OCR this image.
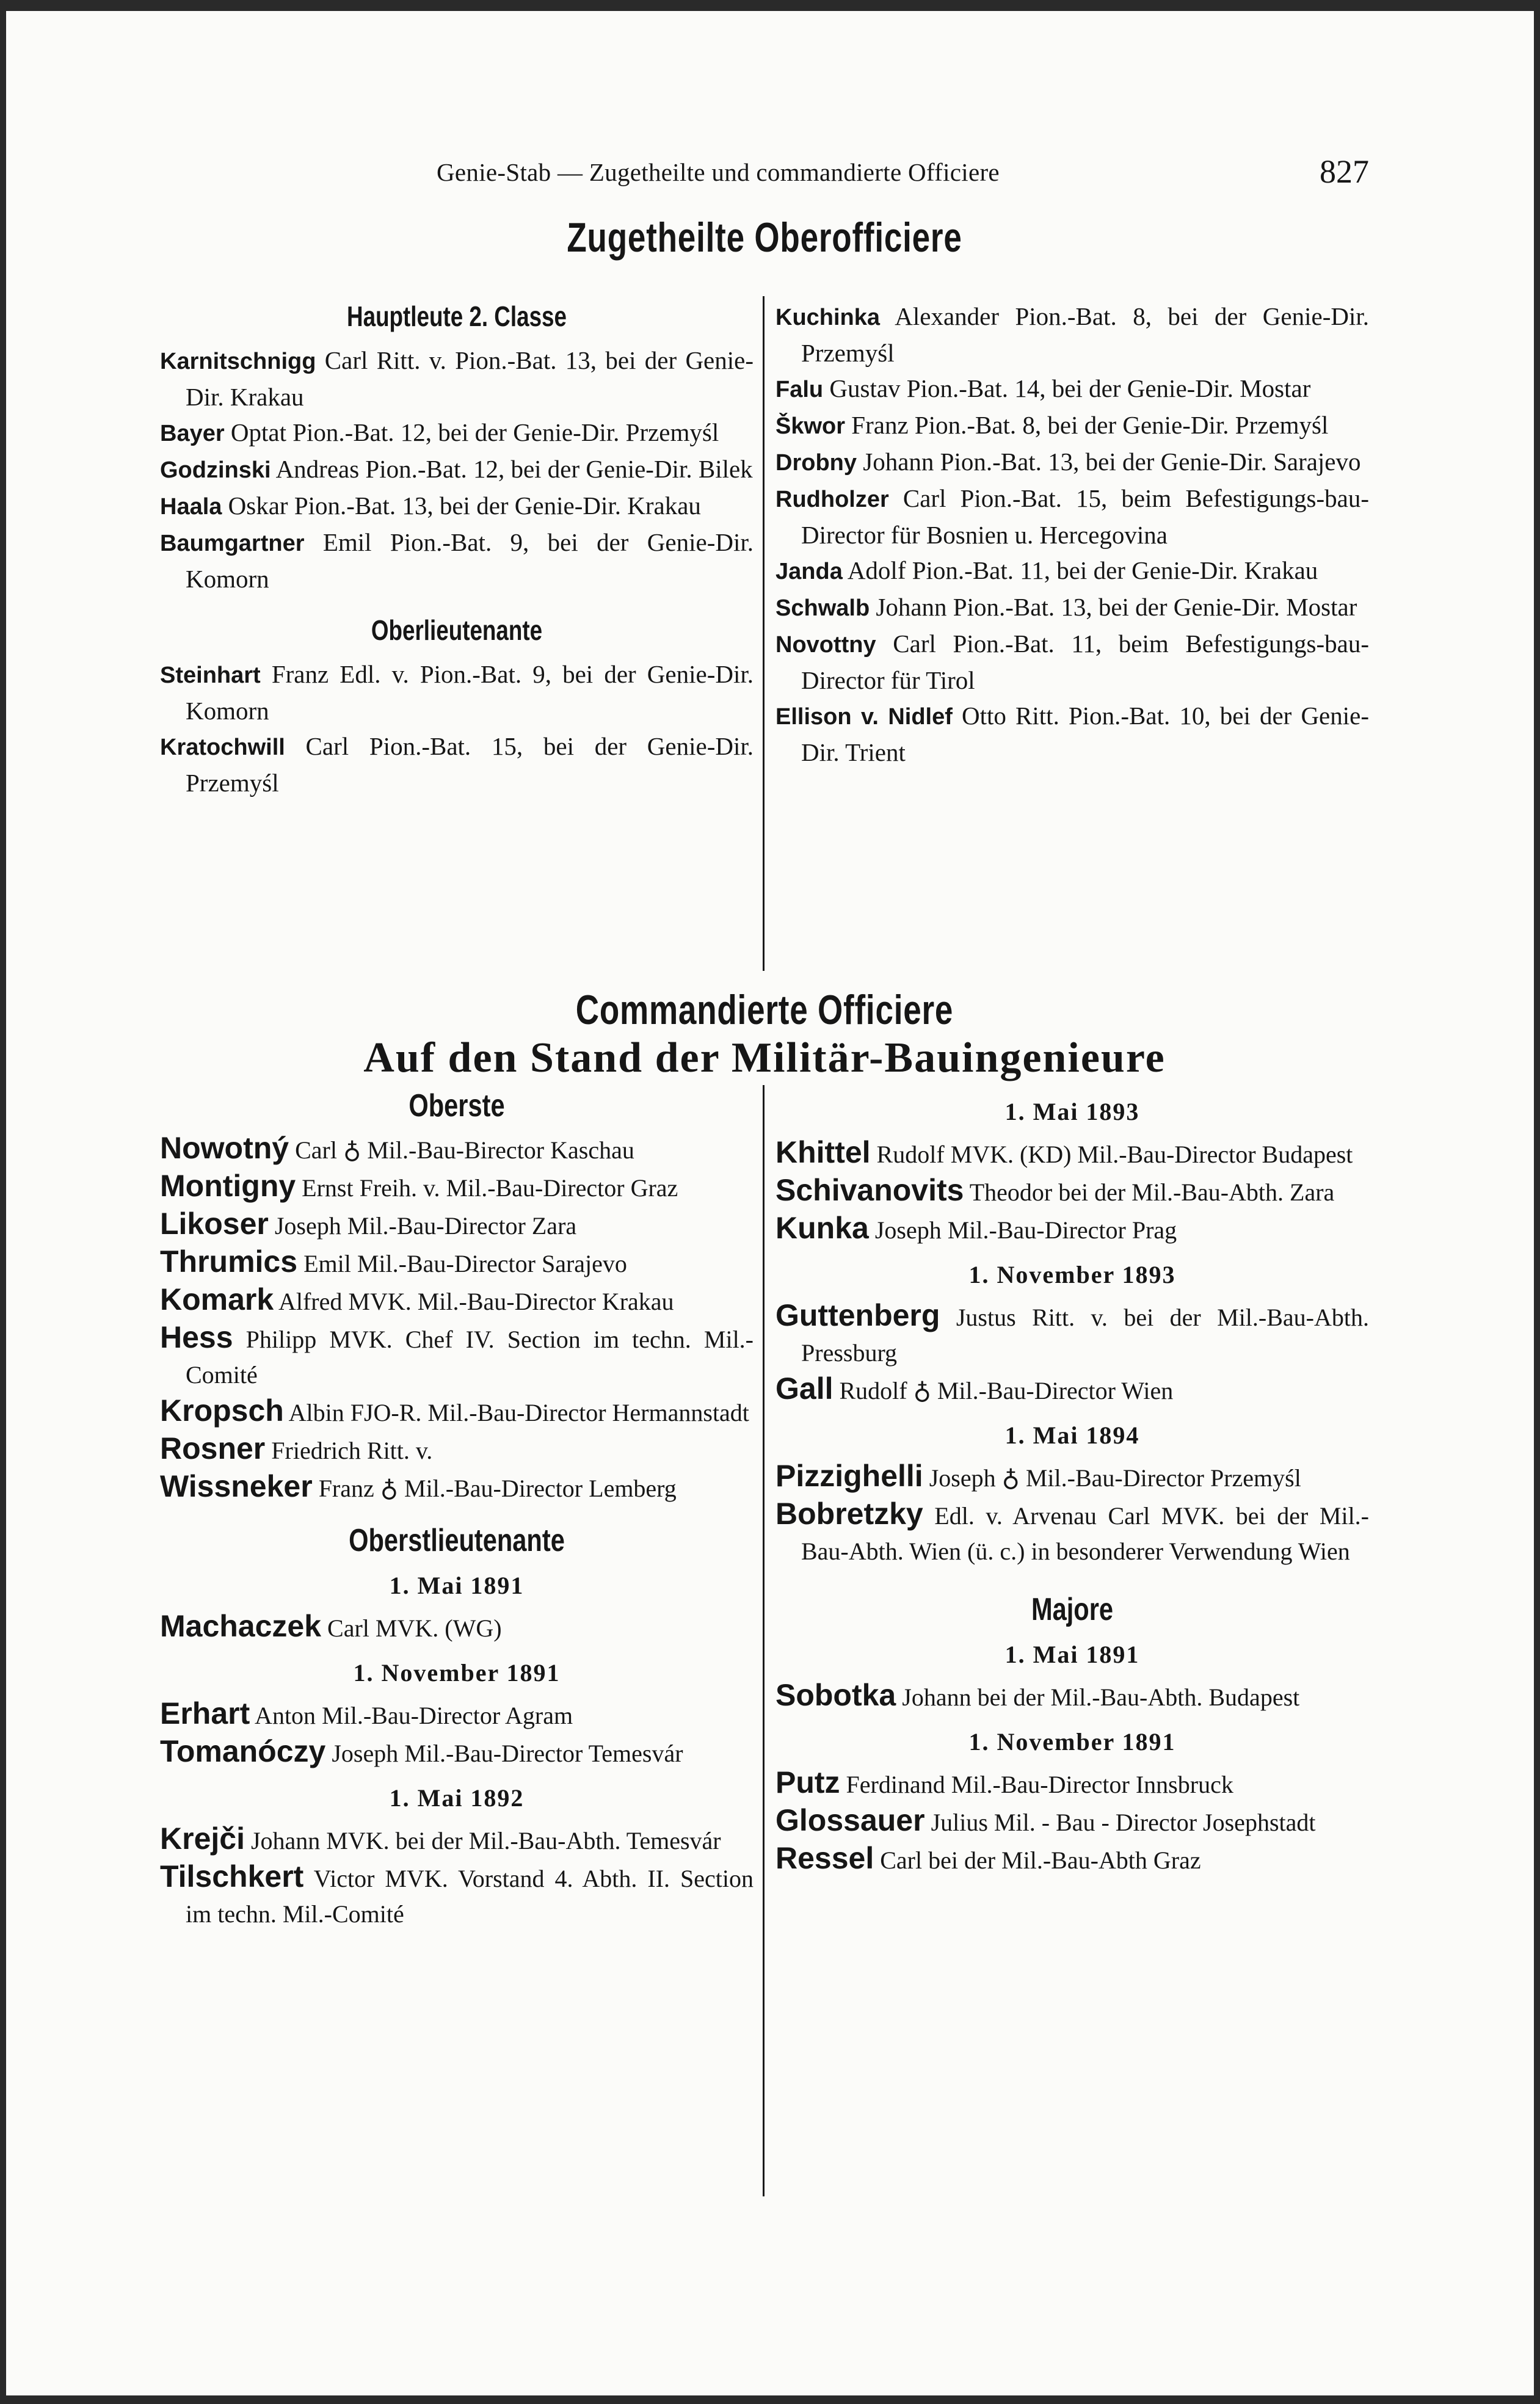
Genie-Stab — Zugetheilte und commandierte Officiere	827
Zugetheilte Oberofficiere
Hauptleute 2. Classe

Karnitschnigg Carl Ritt. v. Pion.-Bat. 13, bei der Genie-Dir. Krakau

Bayer Optat Pion.-Bat. 12, bei der Genie-Dir. Przemyśl

Godzinski Andreas Pion.-Bat. 12, bei der Genie-Dir. Bilek

Haala Oskar Pion.-Bat. 13, bei der Genie-Dir. Krakau

Baumgartner Emil Pion.-Bat. 9, bei der Genie-Dir. Komorn

Oberlieutenante

Steinhart Franz Edl. v. Pion.-Bat. 9, bei der Genie-Dir. Komorn

Kratochwill Carl Pion.-Bat. 15, bei der Genie-Dir. Przemyśl

Kuchinka Alexander Pion.-Bat. 8, bei der Genie-Dir. Przemyśl

Falu Gustav Pion.-Bat. 14, bei der Genie-Dir. Mostar

Škwor Franz Pion.-Bat. 8, bei der Genie-Dir. Przemyśl

Drobny Johann Pion.-Bat. 13, bei der Genie-Dir. Sarajevo

Rudholzer Carl Pion.-Bat. 15, beim Befestigungs-bau-Director für Bosnien u. Hercegovina

Janda Adolf Pion.-Bat. 11, bei der Genie-Dir. Krakau

Schwalb Johann Pion.-Bat. 13, bei der Genie-Dir. Mostar

Novottny Carl Pion.-Bat. 11, beim Befestigungs-bau-Director für Tirol

Ellison v. Nidlef Otto Ritt. Pion.-Bat. 10, bei der Genie-Dir. Trient

Commandierte Officiere
Auf den Stand der Militär-Bauingenieure
Oberste

Nowotný Carl ♁ Mil.-Bau-Birector Kaschau

Montigny Ernst Freih. v. Mil.-Bau-Director Graz

Likoser Joseph Mil.-Bau-Director Zara

Thrumics Emil Mil.-Bau-Director Sarajevo

Komark Alfred MVK. Mil.-Bau-Director Krakau

Hess Philipp MVK. Chef IV. Section im techn. Mil.-Comité

Kropsch Albin FJO-R. Mil.-Bau-Director Hermannstadt

Rosner Friedrich Ritt. v.

Wissneker Franz ♁ Mil.-Bau-Director Lemberg

Oberstlieutenante
1. Mai 1891

Machaczek Carl MVK. (WG)

1. November 1891

Erhart Anton Mil.-Bau-Director Agram

Tomanóczy Joseph Mil.-Bau-Director Temesvár

1. Mai 1892

Krejči Johann MVK. bei der Mil.-Bau-Abth. Temesvár

Tilschkert Victor MVK. Vorstand 4. Abth. II. Section im techn. Mil.-Comité

1. Mai 1893

Khittel Rudolf MVK. (KD) Mil.-Bau-Director Budapest

Schivanovits Theodor bei der Mil.-Bau-Abth. Zara

Kunka Joseph Mil.-Bau-Director Prag

1. November 1893

Guttenberg Justus Ritt. v. bei der Mil.-Bau-Abth. Pressburg

Gall Rudolf ♁ Mil.-Bau-Director Wien

1. Mai 1894

Pizzighelli Joseph ♁ Mil.-Bau-Director Przemyśl

Bobretzky Edl. v. Arvenau Carl MVK. bei der Mil.-Bau-Abth. Wien (ü. c.) in besonderer Verwendung Wien

Majore
1. Mai 1891

Sobotka Johann bei der Mil.-Bau-Abth. Budapest

1. November 1891

Putz Ferdinand Mil.-Bau-Director Innsbruck

Glossauer Julius Mil. - Bau - Director Josephstadt

Ressel Carl bei der Mil.-Bau-Abth Graz
